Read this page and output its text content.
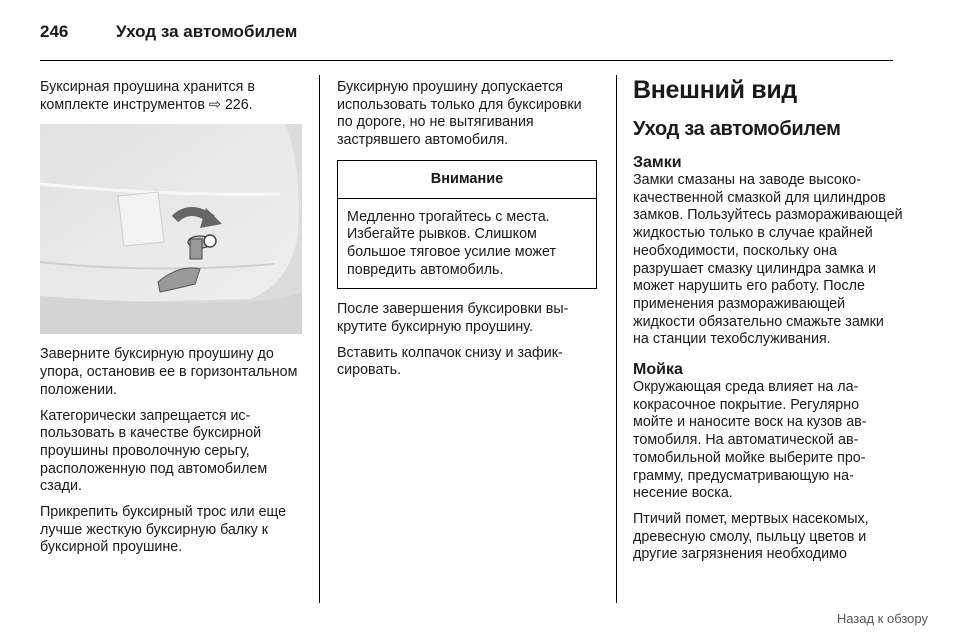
246	Уход за автомобилем

Буксирная проушина хранится в комплекте инструментов ⇨ 226.

Заверните буксирную проушину до упора, остановив ее в горизонтальном положении.

Категорически запрещается использовать в качестве буксирной проушины проволочную серьгу, расположенную под автомобилем сзади.

Прикрепить буксирный трос или еще лучше жесткую буксирную балку к буксирной проушине.

Буксирную проушину допускается использовать только для буксировки по дороге, но не вытягивания застрявшего автомобиля.

Внимание
Медленно трогайтесь с места. Избегайте рывков. Слишком большое тяговое усилие может повредить автомобиль.

После завершения буксировки выкрутите буксирную проушину.

Вставить колпачок снизу и зафиксировать.

Внешний вид
Уход за автомобилем
Замки

Замки смазаны на заводе высококачественной смазкой для цилиндров замков. Пользуйтесь размораживающей жидкостью только в случае крайней необходимости, поскольку она разрушает смазку цилиндра замка и может нарушить его работу. После применения размораживающей жидкости обязательно смажьте замки на станции техобслуживания.

Мойка

Окружающая среда влияет на лакокрасочное покрытие. Регулярно мойте и наносите воск на кузов автомобиля. На автоматической автомобильной мойке выберите программу, предусматривающую нанесение воска.

Птичий помет, мертвых насекомых, древесную смолу, пыльцу цветов и другие загрязнения необходимо

Назад к обзору
